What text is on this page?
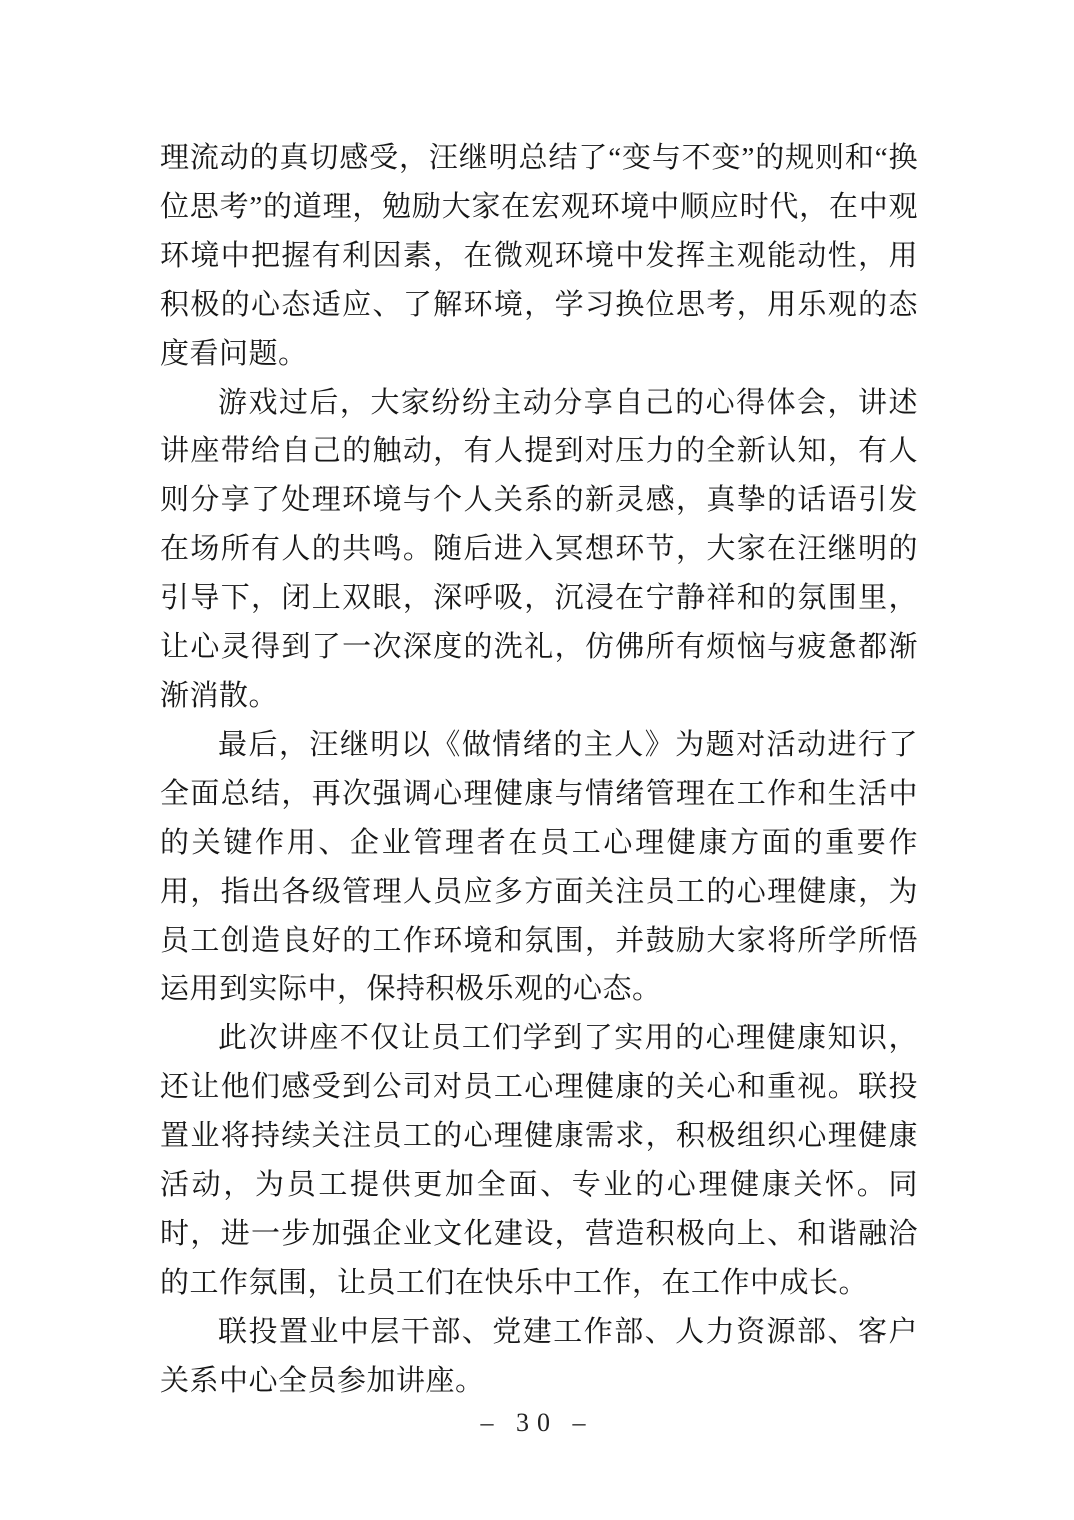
理流动的真切感受，汪继明总结了“变与不变”的规则和“换位思考”的道理，勉励大家在宏观环境中顺应时代，在中观环境中把握有利因素，在微观环境中发挥主观能动性，用积极的心态适应、了解环境，学习换位思考，用乐观的态度看问题。

游戏过后，大家纷纷主动分享自己的心得体会，讲述讲座带给自己的触动，有人提到对压力的全新认知，有人则分享了处理环境与个人关系的新灵感，真挚的话语引发在场所有人的共鸣。随后进入冥想环节，大家在汪继明的引导下，闭上双眼，深呼吸，沉浸在宁静祥和的氛围里，让心灵得到了一次深度的洗礼，仿佛所有烦恼与疲惫都渐渐消散。

最后，汪继明以《做情绪的主人》为题对活动进行了全面总结，再次强调心理健康与情绪管理在工作和生活中的关键作用、企业管理者在员工心理健康方面的重要作用，指出各级管理人员应多方面关注员工的心理健康，为员工创造良好的工作环境和氛围，并鼓励大家将所学所悟运用到实际中，保持积极乐观的心态。

此次讲座不仅让员工们学到了实用的心理健康知识，还让他们感受到公司对员工心理健康的关心和重视。联投置业将持续关注员工的心理健康需求，积极组织心理健康活动，为员工提供更加全面、专业的心理健康关怀。同时，进一步加强企业文化建设，营造积极向上、和谐融洽的工作氛围，让员工们在快乐中工作，在工作中成长。

联投置业中层干部、党建工作部、人力资源部、客户关系中心全员参加讲座。

– 30 –
